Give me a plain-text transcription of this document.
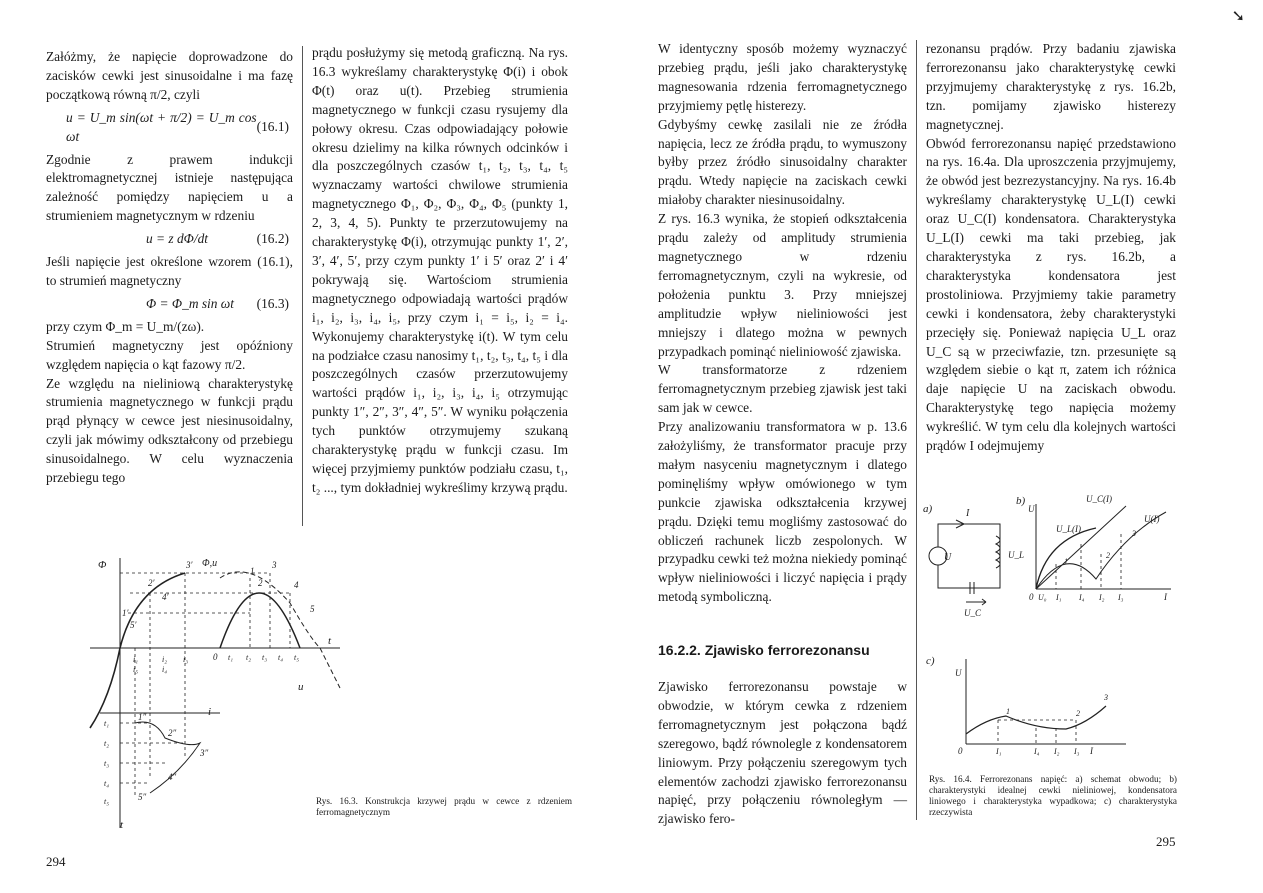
Załóżmy, że napięcie doprowadzone do zacisków cewki jest sinusoidalne i ma fazę początkową równą π/2, czyli

u = U_m sin(ωt + π/2) = U_m cos ωt
(16.1)

Zgodnie z prawem indukcji elektromagnetycznej istnieje następująca zależność pomiędzy napięciem u a strumieniem magnetycznym w rdzeniu

u = z dΦ/dt	(16.2)

Jeśli napięcie jest określone wzorem (16.1), to strumień magnetyczny

Φ = Φ_m sin ωt (16.3)

przy czym Φ_m = U_m/(zω).

Strumień magnetyczny jest opóźniony względem napięcia o kąt fazowy π/2.

Ze względu na nieliniową charakterystykę strumienia magnetycznego w funkcji prądu prąd płynący w cewce jest niesinusoidalny, czyli jak mówimy odkształcony od przebiegu sinusoidalnego. W celu wyznaczenia przebiegu tego

prądu posłużymy się metodą graficzną. Na rys. 16.3 wykreślamy charakterystykę Φ(i) i obok Φ(t) oraz u(t). Przebieg strumienia magnetycznego w funkcji czasu rysujemy dla połowy okresu. Czas odpowiadający połowie okresu dzielimy na kilka równych odcinków i dla poszczególnych czasów t₁, t₂, t₃, t₄, t₅ wyznaczamy wartości chwilowe strumienia magnetycznego Φ₁, Φ₂, Φ₃, Φ₄, Φ₅ (punkty 1, 2, 3, 4, 5). Punkty te przerzutowujemy na charakterystykę Φ(i), otrzymując punkty 1′, 2′, 3′, 4′, 5′, przy czym punkty 1′ i 5′ oraz 2′ i 4′ pokrywają się. Wartościom strumienia magnetycznego odpowiadają wartości prądów i₁, i₂, i₃, i₄, i₅, przy czym i₁ = i₅, i₂ = i₄. Wykonujemy charakterystykę i(t). W tym celu na podziałce czasu nanosimy t₁, t₂, t₃, t₄, t₅ i dla poszczególnych czasów przerzutowujemy wartości prądów i₁, i₂, i₃, i₄, i₅ otrzymując punkty 1″, 2″, 3″, 4″, 5″. W wyniku połączenia tych punktów otrzymujemy szukaną charakterystykę prądu w funkcji czasu. Im więcej przyjmiemy punktów podziału czasu, t₁, t₂ ..., tym dokładniej wykreślimy krzywą prądu.

Φ	Φ,u
t
i
t
u
0
i₁
i₅
i₂
i₄
i₃	t₁ t₂ t₃ t₄ t₅
t₁
t₂
t₃
t₄
t₅
1
2
3
4
5
1′
2′
3′
4′
5′
1″
2″
3″
4″
5″	Rys. 16.3. Konstrukcja krzywej prądu w cewce z rdzeniem ferromagnetycznym
294
➘

W identyczny sposób możemy wyznaczyć przebieg prądu, jeśli jako charakterystykę magnesowania rdzenia ferromagnetycznego przyjmiemy pętlę histerezy.

Gdybyśmy cewkę zasilali nie ze źródła napięcia, lecz ze źródła prądu, to wymuszony byłby przez źródło sinusoidalny charakter prądu. Wtedy napięcie na zaciskach cewki miałoby charakter niesinusoidalny.

Z rys. 16.3 wynika, że stopień odkształcenia prądu zależy od amplitudy strumienia magnetycznego w rdzeniu ferromagnetycznym, czyli na wykresie, od położenia punktu 3. Przy mniejszej amplitudzie wpływ nieliniowości jest mniejszy i dlatego można w pewnych przypadkach pominąć nieliniowość zjawiska.

W transformatorze z rdzeniem ferromagnetycznym przebieg zjawisk jest taki sam jak w cewce.

Przy analizowaniu transformatora w p. 13.6 założyliśmy, że transformator pracuje przy małym nasyceniu magnetycznym i dlatego pominęliśmy wpływ omówionego w tym punkcie zjawiska odkształcenia krzywej prądu. Dzięki temu mogliśmy zastosować do obliczeń rachunek liczb zespolonych. W przypadku cewki też można niekiedy pominąć wpływ nieliniowości i liczyć napięcia i prądy metodą symboliczną.

16.2.2. Zjawisko ferrorezonansu

Zjawisko ferrorezonansu powstaje w obwodzie, w którym cewka z rdzeniem ferromagnetycznym jest połączona bądź szeregowo, bądź równolegle z kondensatorem liniowym. Przy połączeniu szeregowym tych elementów zachodzi zjawisko ferrorezonansu napięć, przy połączeniu równoległym — zjawisko fero-

rezonansu prądów. Przy badaniu zjawiska ferrorezonansu jako charakterystykę cewki przyjmujemy charakterystykę z rys. 16.2b, tzn. pomijamy zjawisko histerezy magnetycznej.

Obwód ferrorezonansu napięć przedstawiono na rys. 16.4a. Dla uproszczenia przyjmujemy, że obwód jest bezrezystancyjny. Na rys. 16.4b wykreślamy charakterystykę U_L(I) cewki oraz U_C(I) kondensatora. Charakterystyka U_L(I) cewki ma taki przebieg, jak charakterystyka z rys. 16.2b, a charakterystyka kondensatora jest prostoliniowa. Przyjmiemy takie parametry cewki i kondensatora, żeby charakterystyki przecięły się. Ponieważ napięcia U_L oraz U_C są w przeciwfazie, tzn. przesunięte są względem siebie o kąt π, zatem ich różnica daje napięcie U na zaciskach obwodu. Charakterystykę tego napięcia możemy wykreślić. W tym celu dla kolejnych wartości prądów I odejmujemy

a)	I
U	U_L
U_C
b)
U
U_C(I)
U_L(I)
U(I)
0 U₀ I₁ I₄ I₂ I₃	I
1
2
3
c)
U
0	I₁	I₄ I₂ I₃ I
1	2
3
Rys. 16.4. Ferrorezonans napięć: a) schemat obwodu; b) charakterystyki idealnej cewki nieliniowej, kondensatora liniowego i charakterystyka wypadkowa; c) charakterystyka rzeczywista
295
